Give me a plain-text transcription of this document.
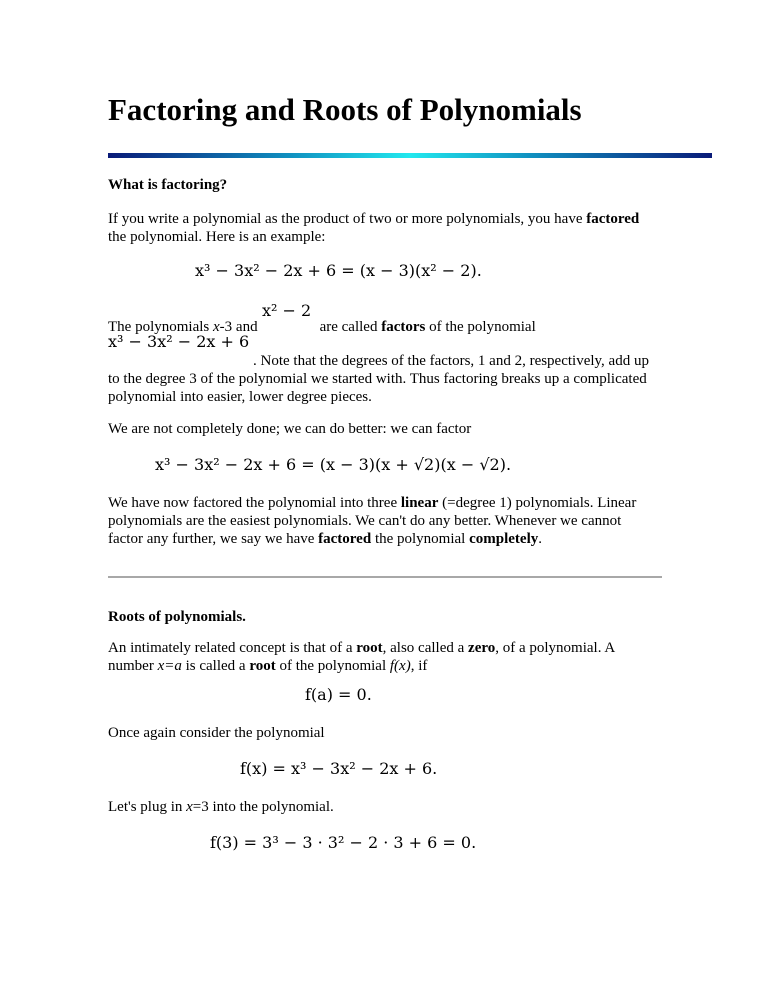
Factoring and Roots of Polynomials
What is factoring?
If you write a polynomial as the product of two or more polynomials, you have factored the polynomial. Here is an example:
x³ − 3x² − 2x + 6 = (x − 3)(x² − 2).
x² − 2
The polynomials x-3 and	are called factors of the polynomial
x³ − 3x² − 2x + 6
. Note that the degrees of the factors, 1 and 2, respectively, add up to the degree 3 of the polynomial we started with. Thus factoring breaks up a complicated polynomial into easier, lower degree pieces.
We are not completely done; we can do better: we can factor
x³ − 3x² − 2x + 6 = (x − 3)(x + √2)(x − √2).
We have now factored the polynomial into three linear (=degree 1) polynomials. Linear polynomials are the easiest polynomials. We can't do any better. Whenever we cannot factor any further, we say we have factored the polynomial completely.
Roots of polynomials.
An intimately related concept is that of a root, also called a zero, of a polynomial. A number x=a is called a root of the polynomial f(x), if
f(a) = 0.
Once again consider the polynomial
f(x) = x³ − 3x² − 2x + 6.
Let's plug in x=3 into the polynomial.
f(3) = 3³ − 3 · 3² − 2 · 3 + 6 = 0.
